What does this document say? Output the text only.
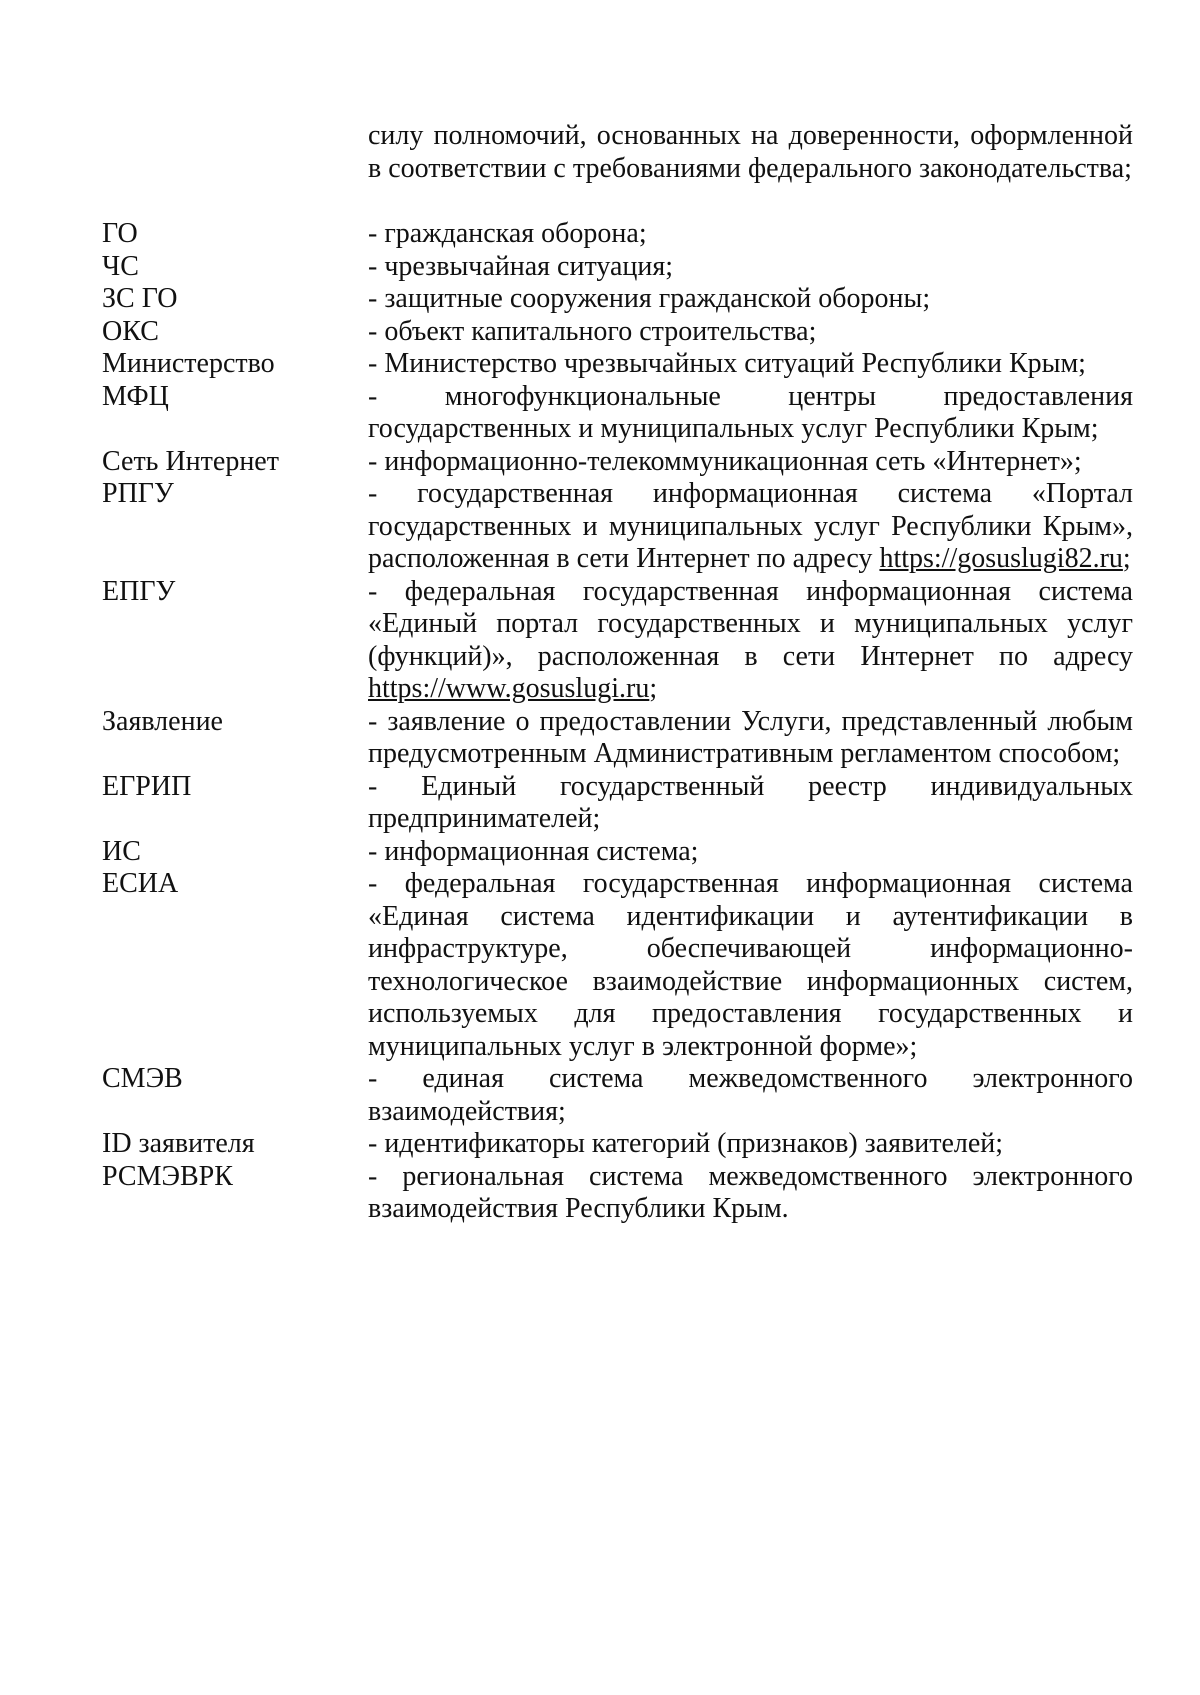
силу полномочий, основанных на доверенности, оформленной в соответствии с требованиями федерального законодательства;

ГО	- гражданская оборона;

ЧС	- чрезвычайная ситуация;

ЗС ГО	- защитные сооружения гражданской обороны;

ОКС	- объект капитального строительства;

Министерство	- Министерство чрезвычайных ситуаций Республики Крым;

МФЦ	- многофункциональные центры предоставления государственных и муниципальных услуг Республики Крым;

Сеть Интернет	- информационно-телекоммуникационная сеть «Интернет»;

РПГУ	- государственная информационная система «Портал государственных и муниципальных услуг Республики Крым», расположенная в сети Интернет по адресу https://gosuslugi82.ru;

ЕПГУ	- федеральная государственная информационная система «Единый портал государственных и муниципальных услуг (функций)», расположенная в сети Интернет по адресу https://www.gosuslugi.ru;

Заявление	- заявление о предоставлении Услуги, представленный любым предусмотренным Административным регламентом способом;

ЕГРИП	- Единый государственный реестр индивидуальных предпринимателей;

ИС	- информационная система;

ЕСИА	- федеральная государственная информационная система «Единая система идентификации и аутентификации в инфраструктуре, обеспечивающей информационно-технологическое взаимодействие информационных систем, используемых для предоставления государственных и муниципальных услуг в электронной форме»;

СМЭВ	- единая система межведомственного электронного взаимодействия;

ID заявителя	- идентификаторы категорий (признаков) заявителей;

РСМЭВРК	- региональная система межведомственного электронного взаимодействия Республики Крым.
